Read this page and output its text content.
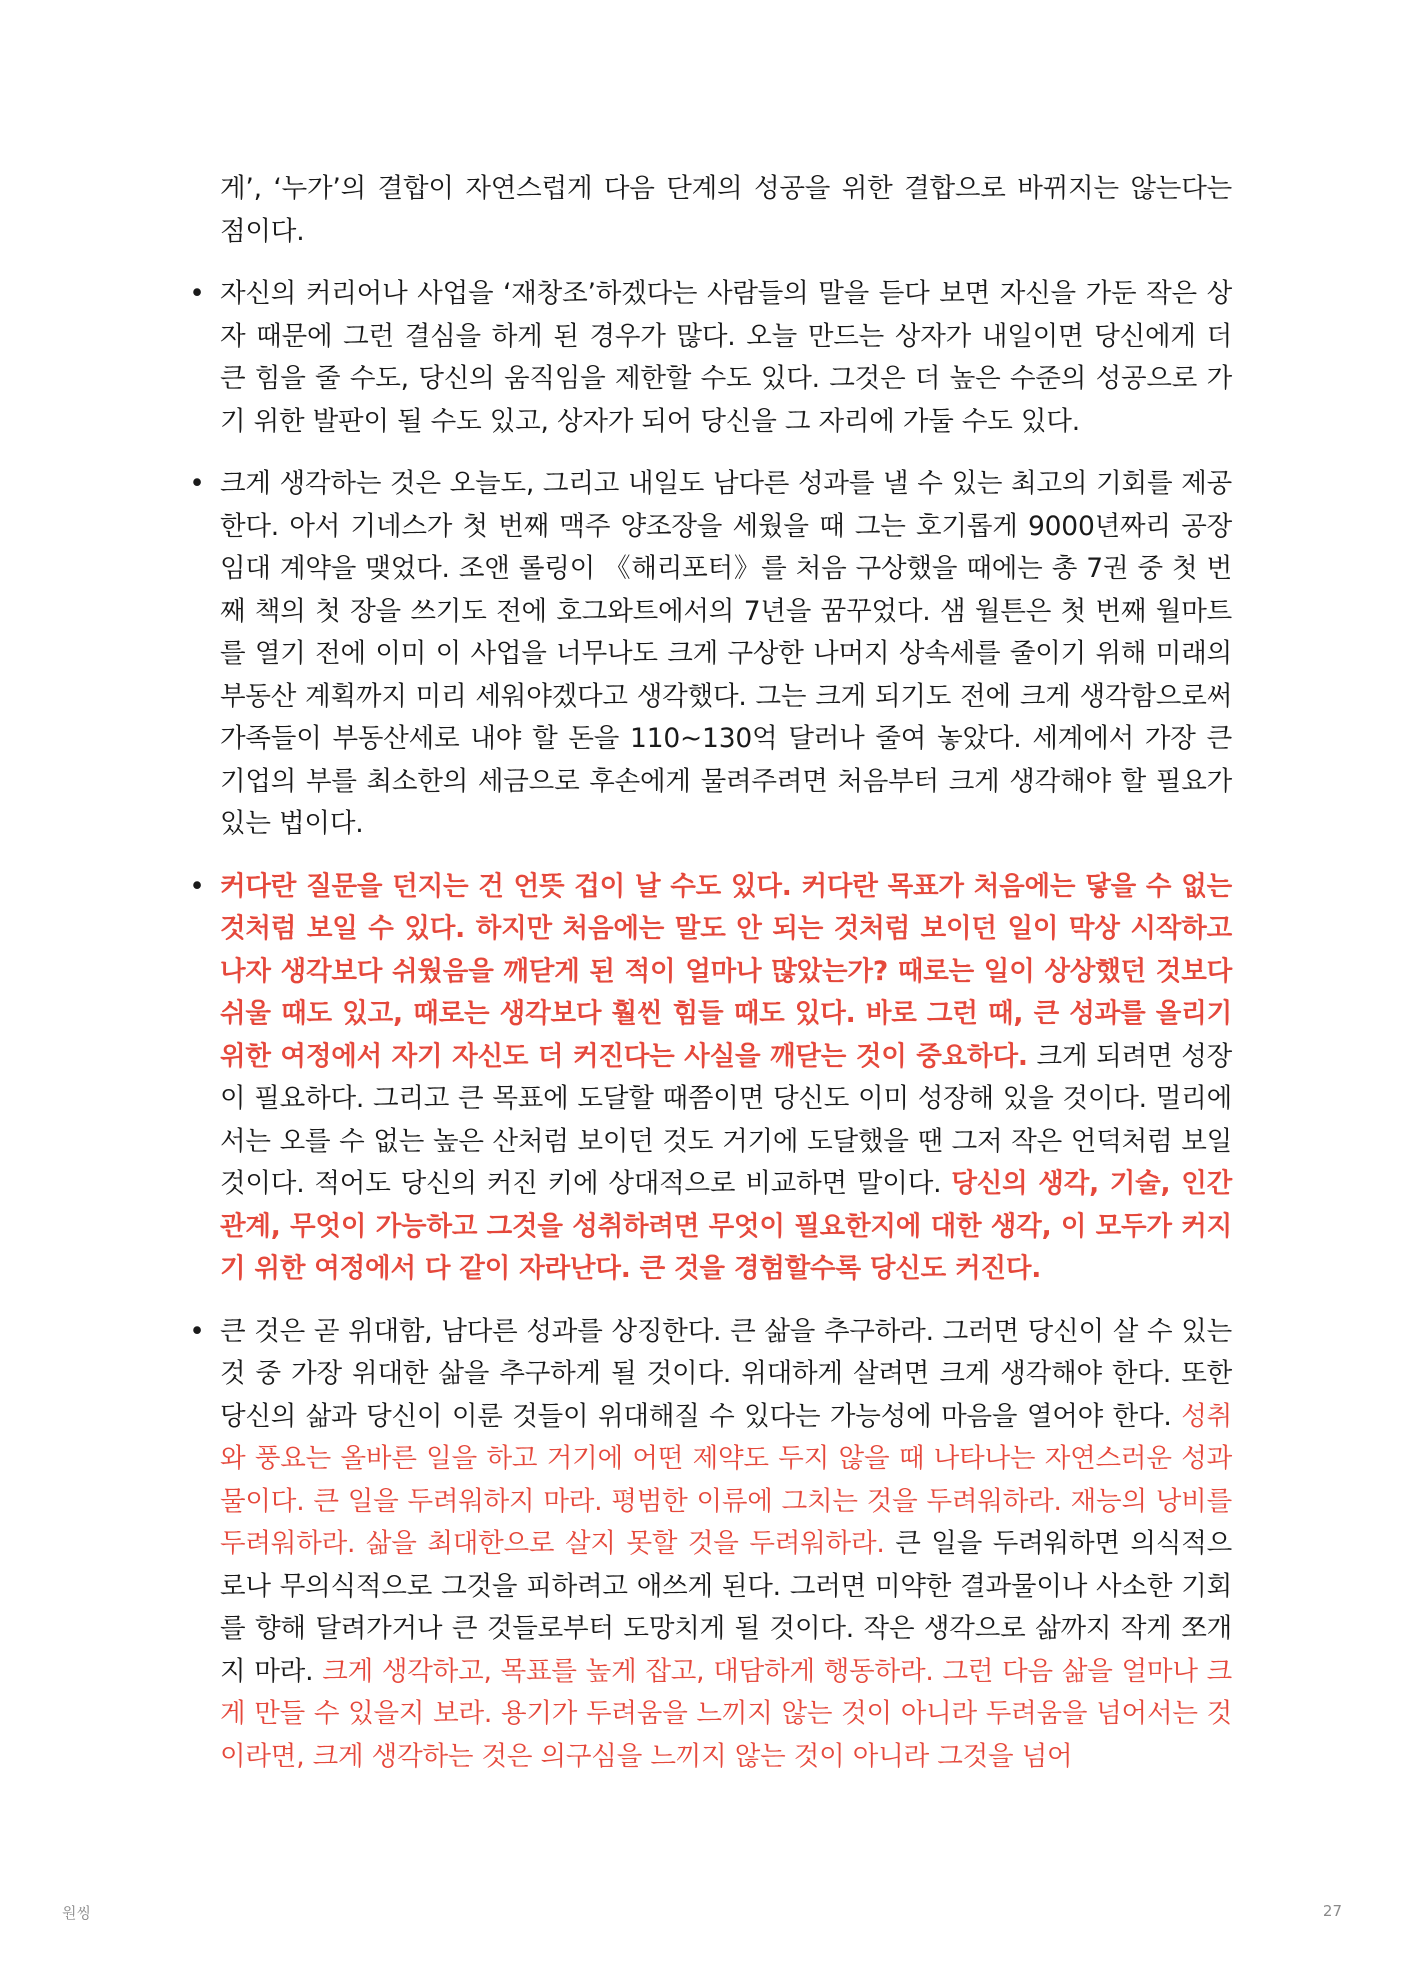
게’, ‘누가’의 결합이 자연스럽게 다음 단계의 성공을 위한 결합으로 바뀌지는 않는다는 점이다.

• 자신의 커리어나 사업을 ‘재창조’하겠다는 사람들의 말을 듣다 보면 자신을 가둔 작은 상자 때문에 그런 결심을 하게 된 경우가 많다. 오늘 만드는 상자가 내일이면 당신에게 더 큰 힘을 줄 수도, 당신의 움직임을 제한할 수도 있다. 그것은 더 높은 수준의 성공으로 가기 위한 발판이 될 수도 있고, 상자가 되어 당신을 그 자리에 가둘 수도 있다.
• 크게 생각하는 것은 오늘도, 그리고 내일도 남다른 성과를 낼 수 있는 최고의 기회를 제공한다. 아서 기네스가 첫 번째 맥주 양조장을 세웠을 때 그는 호기롭게 9000년짜리 공장 임대 계약을 맺었다. 조앤 롤링이 《해리포터》를 처음 구상했을 때에는 총 7권 중 첫 번째 책의 첫 장을 쓰기도 전에 호그와트에서의 7년을 꿈꾸었다. 샘 월튼은 첫 번째 월마트를 열기 전에 이미 이 사업을 너무나도 크게 구상한 나머지 상속세를 줄이기 위해 미래의 부동산 계획까지 미리 세워야겠다고 생각했다. 그는 크게 되기도 전에 크게 생각함으로써 가족들이 부동산세로 내야 할 돈을 110~130억 달러나 줄여 놓았다. 세계에서 가장 큰 기업의 부를 최소한의 세금으로 후손에게 물려주려면 처음부터 크게 생각해야 할 필요가 있는 법이다.
• 커다란 질문을 던지는 건 언뜻 겁이 날 수도 있다. 커다란 목표가 처음에는 닿을 수 없는 것처럼 보일 수 있다. 하지만 처음에는 말도 안 되는 것처럼 보이던 일이 막상 시작하고 나자 생각보다 쉬웠음을 깨닫게 된 적이 얼마나 많았는가? 때로는 일이 상상했던 것보다 쉬울 때도 있고, 때로는 생각보다 훨씬 힘들 때도 있다. 바로 그런 때, 큰 성과를 올리기 위한 여정에서 자기 자신도 더 커진다는 사실을 깨닫는 것이 중요하다. 크게 되려면 성장이 필요하다. 그리고 큰 목표에 도달할 때쯤이면 당신도 이미 성장해 있을 것이다. 멀리에서는 오를 수 없는 높은 산처럼 보이던 것도 거기에 도달했을 땐 그저 작은 언덕처럼 보일 것이다. 적어도 당신의 커진 키에 상대적으로 비교하면 말이다. 당신의 생각, 기술, 인간관계, 무엇이 가능하고 그것을 성취하려면 무엇이 필요한지에 대한 생각, 이 모두가 커지기 위한 여정에서 다 같이 자라난다. 큰 것을 경험할수록 당신도 커진다.
• 큰 것은 곧 위대함, 남다른 성과를 상징한다. 큰 삶을 추구하라. 그러면 당신이 살 수 있는 것 중 가장 위대한 삶을 추구하게 될 것이다. 위대하게 살려면 크게 생각해야 한다. 또한 당신의 삶과 당신이 이룬 것들이 위대해질 수 있다는 가능성에 마음을 열어야 한다. 성취와 풍요는 올바른 일을 하고 거기에 어떤 제약도 두지 않을 때 나타나는 자연스러운 성과물이다. 큰 일을 두려워하지 마라. 평범한 이류에 그치는 것을 두려워하라. 재능의 낭비를 두려워하라. 삶을 최대한으로 살지 못할 것을 두려워하라. 큰 일을 두려워하면 의식적으로나 무의식적으로 그것을 피하려고 애쓰게 된다. 그러면 미약한 결과물이나 사소한 기회를 향해 달려가거나 큰 것들로부터 도망치게 될 것이다. 작은 생각으로 삶까지 작게 쪼개지 마라. 크게 생각하고, 목표를 높게 잡고, 대담하게 행동하라. 그런 다음 삶을 얼마나 크게 만들 수 있을지 보라. 용기가 두려움을 느끼지 않는 것이 아니라 두려움을 넘어서는 것이라면, 크게 생각하는 것은 의구심을 느끼지 않는 것이 아니라 그것을 넘어
원씽	27
